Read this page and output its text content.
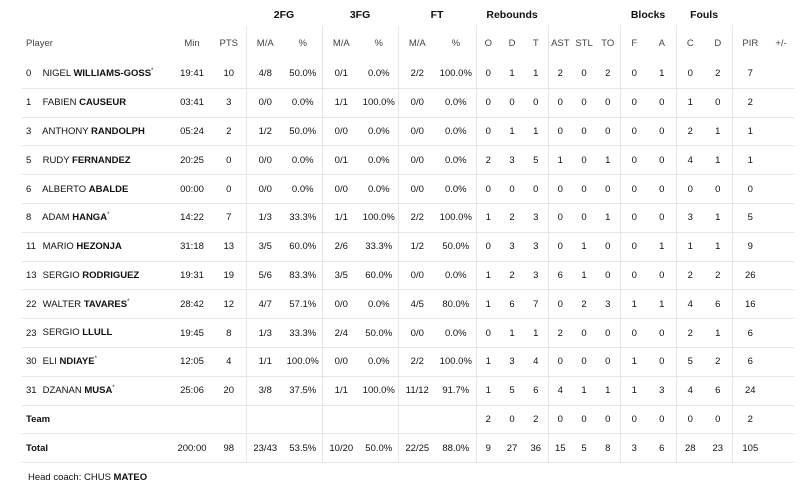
			2FG		3FG		FT		Rebounds						Blocks		Fouls			
Player	Min	PTS	M/A	%	M/A	%	M/A	%	O	D	T	AST	STL	TO	F	A	C	D	PIR	+/-
0 NIGEL WILLIAMS-GOSS*	19:41	10	4/8	50.0%	0/1	0.0%	2/2	100.0%	0	1	1	2	0	2	0	1	0	2	7	
1 FABIEN CAUSEUR	03:41	3	0/0	0.0%	1/1	100.0%	0/0	0.0%	0	0	0	0	0	0	0	0	1	0	2	
3 ANTHONY RANDOLPH	05:24	2	1/2	50.0%	0/0	0.0%	0/0	0.0%	0	1	1	0	0	0	0	0	2	1	1	
5 RUDY FERNANDEZ	20:25	0	0/0	0.0%	0/1	0.0%	0/0	0.0%	2	3	5	1	0	1	0	0	4	1	1	
6 ALBERTO ABALDE	00:00	0	0/0	0.0%	0/0	0.0%	0/0	0.0%	0	0	0	0	0	0	0	0	0	0	0	
8 ADAM HANGA*	14:22	7	1/3	33.3%	1/1	100.0%	2/2	100.0%	1	2	3	0	0	1	0	0	3	1	5	
11 MARIO HEZONJA	31:18	13	3/5	60.0%	2/6	33.3%	1/2	50.0%	0	3	3	0	1	0	0	1	1	1	9	
13 SERGIO RODRIGUEZ	19:31	19	5/6	83.3%	3/5	60.0%	0/0	0.0%	1	2	3	6	1	0	0	0	2	2	26	
22 WALTER TAVARES*	28:42	12	4/7	57.1%	0/0	0.0%	4/5	80.0%	1	6	7	0	2	3	1	1	4	6	16	
23 SERGIO LLULL	19:45	8	1/3	33.3%	2/4	50.0%	0/0	0.0%	0	1	1	2	0	0	0	0	2	1	6	
30 ELI NDIAYE*	12:05	4	1/1	100.0%	0/0	0.0%	2/2	100.0%	1	3	4	0	0	0	1	0	5	2	6	
31 DZANAN MUSA*	25:06	20	3/8	37.5%	1/1	100.0%	11/12	91.7%	1	5	6	4	1	1	1	3	4	6	24	
Team									2	0	2	0	0	0	0	0	0	0	2	
Total	200:00	98	23/43	53.5%	10/20	50.0%	22/25	88.0%	9	27	36	15	5	8	3	6	28	23	105	
Head coach: CHUS MATEO
